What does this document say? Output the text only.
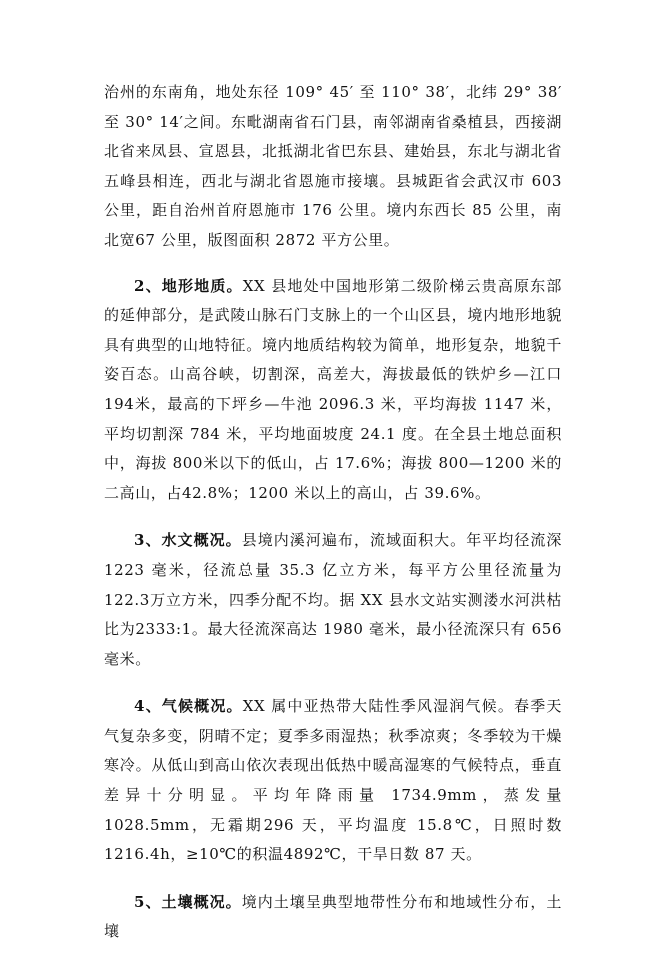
治州的东南角，地处东径 109° 45′ 至 110° 38′，北纬 29° 38′至 30° 14′之间。东毗湖南省石门县，南邻湖南省桑植县，西接湖北省来凤县、宣恩县，北抵湖北省巴东县、建始县，东北与湖北省五峰县相连，西北与湖北省恩施市接壤。县城距省会武汉市 603 公里，距自治州首府恩施市 176 公里。境内东西长 85 公里，南北宽67 公里，版图面积 2872 平方公里。

2、地形地质。XX 县地处中国地形第二级阶梯云贵高原东部的延伸部分，是武陵山脉石门支脉上的一个山区县，境内地形地貌具有典型的山地特征。境内地质结构较为简单，地形复杂，地貌千姿百态。山高谷峡，切割深，高差大，海拔最低的铁炉乡—江口 194米，最高的下坪乡—牛池 2096.3 米，平均海拔 1147 米，平均切割深 784 米，平均地面坡度 24.1 度。在全县土地总面积中，海拔 800米以下的低山，占 17.6%；海拔 800—1200 米的二高山，占42.8%；1200 米以上的高山，占 39.6%。

3、水文概况。县境内溪河遍布，流域面积大。年平均径流深1223 毫米，径流总量 35.3 亿立方米，每平方公里径流量为 122.3万立方米，四季分配不均。据 XX 县水文站实测溇水河洪枯比为2333:1。最大径流深高达 1980 毫米，最小径流深只有 656 毫米。

4、气候概况。XX 属中亚热带大陆性季风湿润气候。春季天气复杂多变，阴晴不定；夏季多雨湿热；秋季凉爽；冬季较为干燥寒冷。从低山到高山依次表现出低热中暖高湿寒的气候特点，垂直差异十分明显。平均年降雨量 1734.9mm，蒸发量 1028.5mm，无霜期296 天，平均温度 15.8℃，日照时数 1216.4h，≥10℃的积温4892℃，干旱日数 87 天。

5、土壤概况。境内土壤呈典型地带性分布和地域性分布，土壤
